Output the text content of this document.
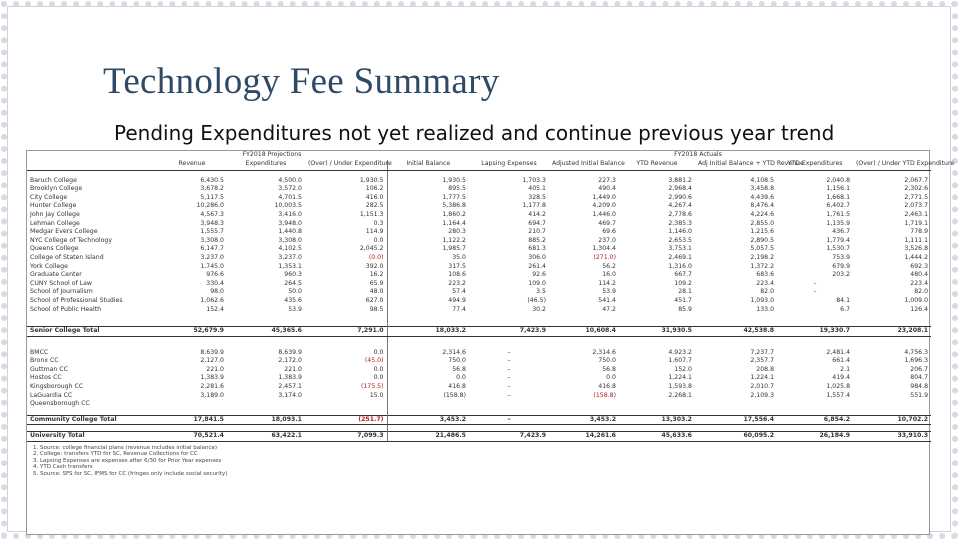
Technology Fee Summary
Pending Expenditures not yet realized and continue previous year trend
	FY2018 Projections						FY2018 Actuals			
	Revenue	Expenditures	(Over) / Under Expenditure	Initial Balance	Lapsing Expenses	Adjusted Initial Balance	YTD Revenue	Adj Initial Balance + YTD Revenue	YTD Expenditures	(Over) / Under YTD Expenditure

Baruch College	6,430.5	4,500.0	1,930.5	1,930.5	1,703.3	227.3	3,881.2	4,108.5	2,040.8	2,067.7
Brooklyn College	3,678.2	3,572.0	106.2	895.5	405.1	490.4	2,968.4	3,458.8	1,156.1	2,302.6
City College	5,117.5	4,701.5	416.0	1,777.5	328.5	1,449.0	2,990.6	4,439.6	1,668.1	2,771.5
Hunter College	10,286.0	10,003.5	282.5	5,386.8	1,177.8	4,209.0	4,267.4	8,476.4	6,402.7	2,073.7
John Jay College	4,567.3	3,416.0	1,151.3	1,860.2	414.2	1,446.0	2,778.6	4,224.6	1,761.5	2,463.1
Lehman College	3,948.3	3,948.0	0.3	1,164.4	694.7	469.7	2,385.3	2,855.0	1,135.9	1,719.1
Medgar Evers College	1,555.7	1,440.8	114.9	280.3	210.7	69.6	1,146.0	1,215.6	436.7	778.9
NYC College of Technology	3,308.0	3,308.0	0.0	1,122.2	885.2	237.0	2,653.5	2,890.5	1,779.4	1,111.1
Queens College	6,147.7	4,102.5	2,045.2	1,985.7	681.3	1,304.4	3,753.1	5,057.5	1,530.7	3,526.8
College of Staten Island	3,237.0	3,237.0	(0.0)	35.0	306.0	(271.0)	2,469.1	2,198.2	753.9	1,444.2
York College	1,745.0	1,353.1	392.0	317.5	261.4	56.2	1,316.0	1,372.2	679.9	692.3
Graduate Center	976.6	960.3	16.2	108.6	92.6	16.0	667.7	683.6	203.2	480.4
CUNY School of Law	330.4	264.5	65.9	223.2	109.0	114.2	109.2	223.4	–	223.4
School of Journalism	98.0	50.0	48.0	57.4	3.5	53.9	28.1	82.0	–	82.0
School of Professional Studies	1,062.6	435.6	627.0	494.9	(46.5)	541.4	451.7	1,093.0	84.1	1,009.0
School of Public Health	152.4	53.9	98.5	77.4	30.2	47.2	85.9	133.0	6.7	126.4

Senior College Total	52,679.9	45,365.6	7,291.0	18,033.2	7,423.9	10,608.4	31,930.5	42,538.8	19,330.7	23,208.1

BMCC	8,639.9	8,639.9	0.0	2,314.6	–	2,314.6	4,923.2	7,237.7	2,481.4	4,756.3
Bronx CC	2,127.0	2,172.0	(45.0)	750.0	–	750.0	1,607.7	2,357.7	661.4	1,696.3
Guttman CC	221.0	221.0	0.0	56.8	–	56.8	152.0	208.8	2.1	206.7
Hostos CC	1,383.9	1,383.9	0.0	0.0	–	0.0	1,224.1	1,224.1	419.4	804.7
Kingsborough CC	2,281.6	2,457.1	(175.5)	416.8	–	416.8	1,593.8	2,010.7	1,025.8	984.8
LaGuardia CC	3,189.0	3,174.0	15.0	(158.8)	–	(158.8)	2,268.1	2,109.3	1,557.4	551.9
Queensborough CC										

Community College Total	17,841.5	18,093.1	(251.7)	3,453.2	–	3,453.2	13,303.2	17,556.4	6,854.2	10,702.2

University Total	70,521.4	63,422.1	7,099.3	21,486.5	7,423.9	14,261.6	45,633.6	60,095.2	26,184.9	33,910.3
1. Source: college financial plans (revenue includes initial balance)
2. College: transfers YTD for SC, Revenue Collections for CC
3. Lapsing Expenses are expenses after 6/30 for Prior Year expenses
4. YTD Cash transfers
5. Source: SFS for SC, IFMS for CC (fringes only include social security)
